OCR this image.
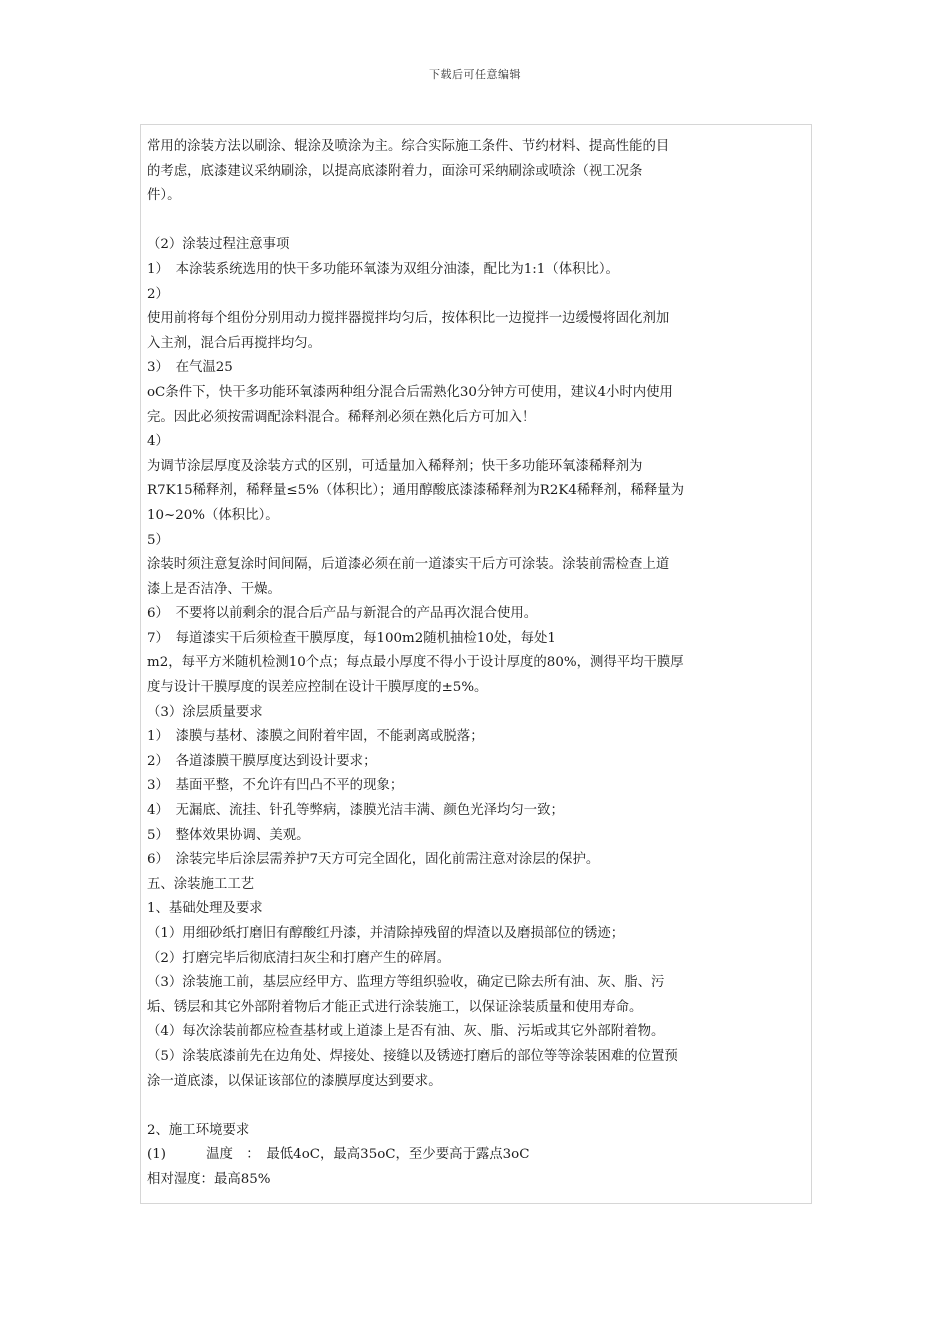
下载后可任意编辑
常用的涂装方法以刷涂、辊涂及喷涂为主。综合实际施工条件、节约材料、提高性能的目
的考虑，底漆建议采纳刷涂，以提高底漆附着力，面涂可采纳刷涂或喷涂（视工况条
件）。
（2）涂装过程注意事项
1）　本涂装系统选用的快干多功能环氧漆为双组分油漆，配比为1:1（体积比）。
2）
使用前将每个组份分别用动力搅拌器搅拌均匀后，按体积比一边搅拌一边缓慢将固化剂加
入主剂，混合后再搅拌均匀。
3）　在气温25
oC条件下，快干多功能环氧漆两种组分混合后需熟化30分钟方可使用，建议4小时内使用
完。因此必须按需调配涂料混合。稀释剂必须在熟化后方可加入！
4）
为调节涂层厚度及涂装方式的区别，可适量加入稀释剂；快干多功能环氧漆稀释剂为
R7K15稀释剂，稀释量≤5%（体积比）；通用醇酸底漆漆稀释剂为R2K4稀释剂，稀释量为
10~20%（体积比）。
5）
涂装时须注意复涂时间间隔，后道漆必须在前一道漆实干后方可涂装。涂装前需检查上道
漆上是否洁净、干燥。
6）　不要将以前剩余的混合后产品与新混合的产品再次混合使用。
7）　每道漆实干后须检查干膜厚度，每100m2随机抽检10处，每处1
m2，每平方米随机检测10个点；每点最小厚度不得小于设计厚度的80%，测得平均干膜厚
度与设计干膜厚度的误差应控制在设计干膜厚度的±5%。
（3）涂层质量要求
1）　漆膜与基材、漆膜之间附着牢固，不能剥离或脱落；
2）　各道漆膜干膜厚度达到设计要求；
3）　基面平整，不允许有凹凸不平的现象；
4）　无漏底、流挂、针孔等弊病，漆膜光洁丰满、颜色光泽均匀一致；
5）　整体效果协调、美观。
6）　涂装完毕后涂层需养护7天方可完全固化，固化前需注意对涂层的保护。
五、涂装施工工艺
1、基础处理及要求
（1）用细砂纸打磨旧有醇酸红丹漆，并清除掉残留的焊渣以及磨损部位的锈迹；
（2）打磨完毕后彻底清扫灰尘和打磨产生的碎屑。
（3）涂装施工前，基层应经甲方、监理方等组织验收，确定已除去所有油、灰、脂、污
垢、锈层和其它外部附着物后才能正式进行涂装施工，以保证涂装质量和使用寿命。
（4）每次涂装前都应检查基材或上道漆上是否有油、灰、脂、污垢或其它外部附着物。
（5）涂装底漆前先在边角处、焊接处、接缝以及锈迹打磨后的部位等等涂装困难的位置预
涂一道底漆，以保证该部位的漆膜厚度达到要求。
2、施工环境要求
(1)　　　温度　：　最低4oC，最高35oC，至少要高于露点3oC
相对湿度：最高85%
